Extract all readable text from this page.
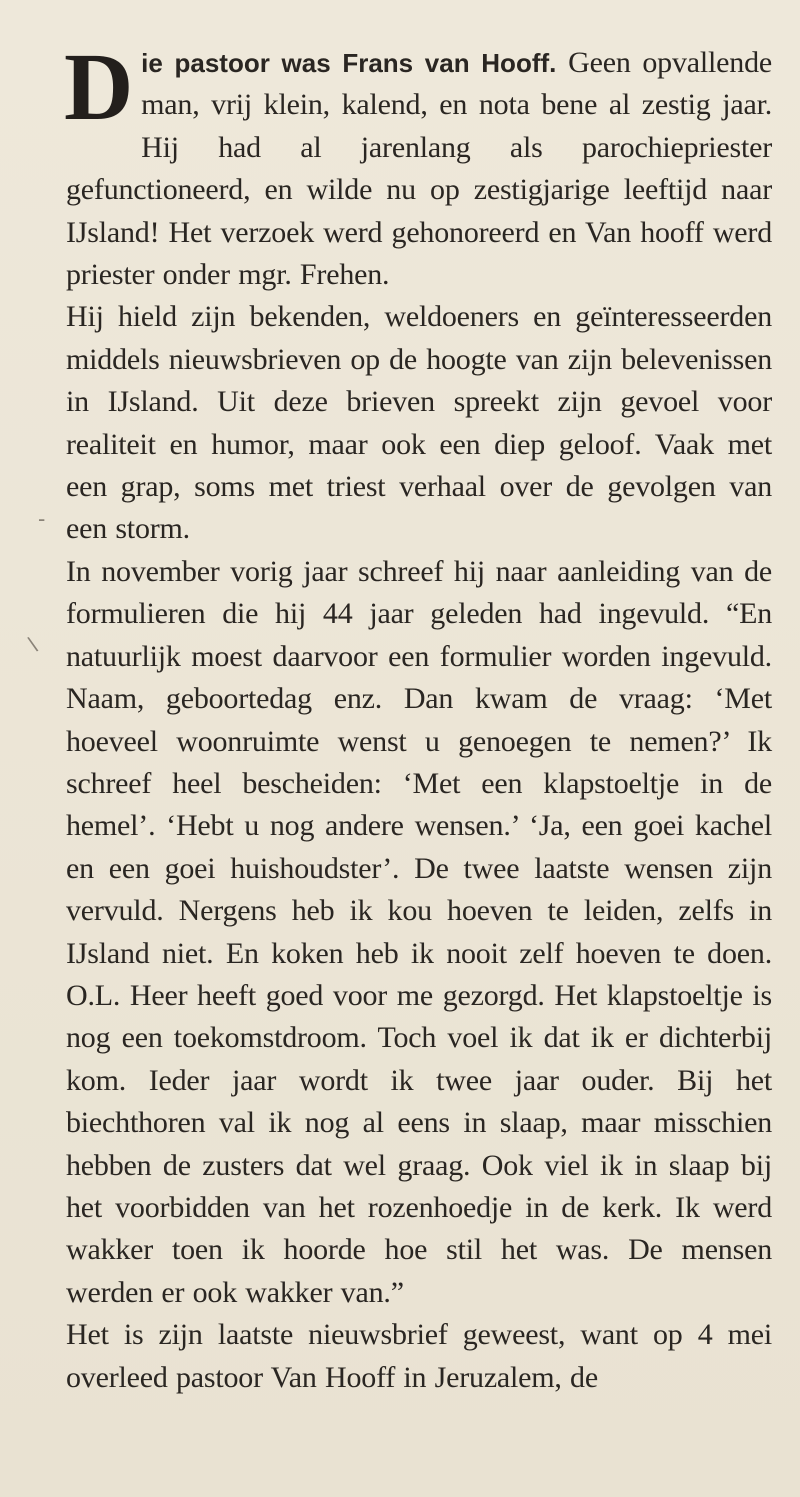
-
\

Die pastoor was Frans van Hooff. Geen opvallende man, vrij klein, kalend, en nota bene al zestig jaar. Hij had al jarenlang als parochiepriester gefunctioneerd, en wilde nu op zestigjarige leeftijd naar IJsland! Het verzoek werd gehonoreerd en Van hooff werd priester onder mgr. Frehen.

Hij hield zijn bekenden, weldoeners en geïnteresseerden middels nieuwsbrieven op de hoogte van zijn belevenissen in IJsland. Uit deze brieven spreekt zijn gevoel voor realiteit en humor, maar ook een diep geloof. Vaak met een grap, soms met triest verhaal over de gevolgen van een storm.

In november vorig jaar schreef hij naar aanleiding van de formulieren die hij 44 jaar geleden had ingevuld. “En natuurlijk moest daarvoor een formulier worden ingevuld. Naam, geboortedag enz. Dan kwam de vraag: ‘Met hoeveel woonruimte wenst u genoegen te nemen?’ Ik schreef heel bescheiden: ‘Met een klapstoeltje in de hemel’. ‘Hebt u nog andere wensen.’ ‘Ja, een goei kachel en een goei huishoudster’. De twee laatste wensen zijn vervuld. Nergens heb ik kou hoeven te leiden, zelfs in IJsland niet. En koken heb ik nooit zelf hoeven te doen. O.L. Heer heeft goed voor me gezorgd. Het klapstoeltje is nog een toekomstdroom. Toch voel ik dat ik er dichterbij kom. Ieder jaar wordt ik twee jaar ouder. Bij het biechthoren val ik nog al eens in slaap, maar misschien hebben de zusters dat wel graag. Ook viel ik in slaap bij het voorbidden van het rozenhoedje in de kerk. Ik werd wakker toen ik hoorde hoe stil het was. De mensen werden er ook wakker van.”

Het is zijn laatste nieuwsbrief geweest, want op 4 mei overleed pastoor Van Hooff in Jeruzalem, de
